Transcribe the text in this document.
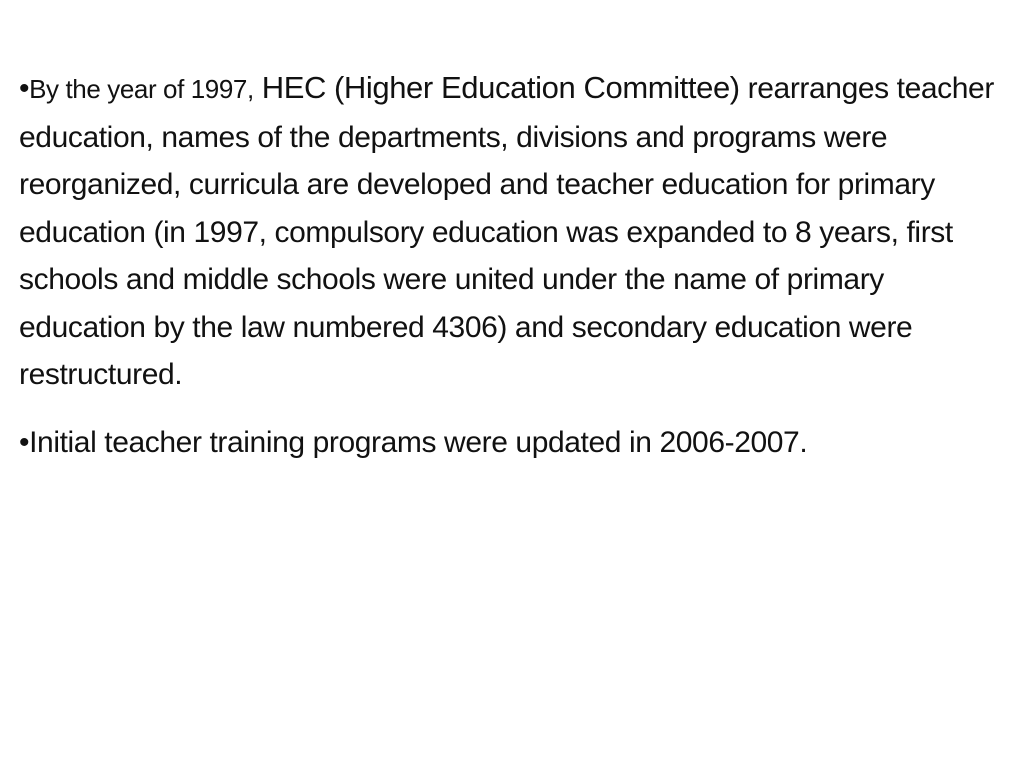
•By the year of 1997, HEC (Higher Education Committee) rearranges teacher education, names of the departments, divisions and programs were reorganized, curricula are developed and teacher education for primary education (in 1997, compulsory education was expanded to 8 years, first schools and middle schools were united under the name of primary education by the law numbered 4306) and secondary education were restructured.

•Initial teacher training programs were updated in 2006-2007.
